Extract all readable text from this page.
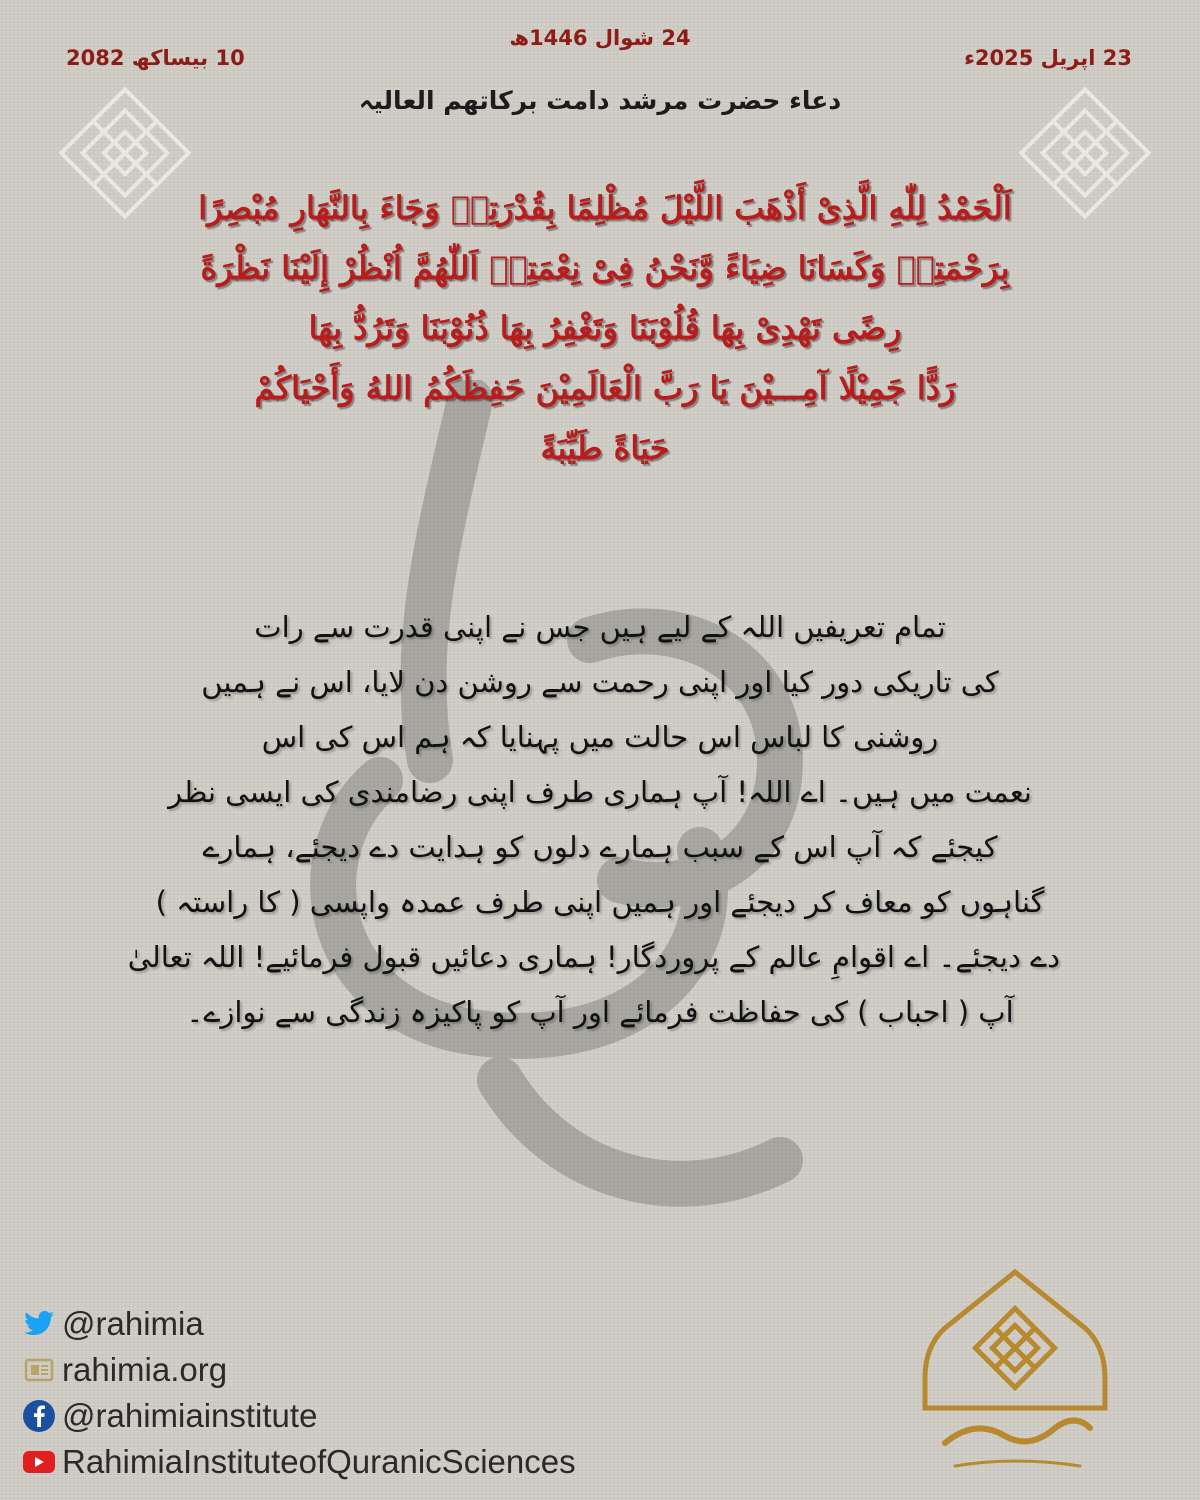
24 شوال 1446ھ
23 اپریل 2025ء
10 بیساکھ 2082
دعاء حضرت مرشد دامت برکاتھم العالیہ
اَلْحَمْدُ لِلّٰهِ الَّذِیْ أَذْهَبَ اللَّیْلَ مُظْلِمًا بِقُدْرَتِهٖ وَجَاءَ بِالنَّهَارِ مُبْصِرًا
بِرَحْمَتِهٖ وَكَسَانَا ضِيَاءً وَّنَحْنُ فِیْ نِعْمَتِهٖ اَللّٰهُمَّ اُنْظُرْ إِلَيْنَا نَظْرَةً
رِضًى تَهْدِیْ بِهَا قُلُوْبَنَا وَتَغْفِرُ بِهَا ذُنُوْبَنَا وَتَرُدُّ بِهَا
رَدًّا جَمِيْلًا آمِـــيْنَ يَا رَبَّ الْعَالَمِيْنَ حَفِظَكُمُ اللهُ وَأَحْيَاكُمْ
حَيَاةً طَيِّبَةً
تمام تعریفیں اللہ کے لیے ہیں جس نے اپنی قدرت سے رات
کی تاریکی دور کیا اور اپنی رحمت سے روشن دن لایا، اس نے ہمیں
روشنی کا لباس اس حالت میں پہنایا کہ ہم اس کی اس
نعمت میں ہیں۔ اے اللہ! آپ ہماری طرف اپنی رضامندی کی ایسی نظر
کیجئے کہ آپ اس کے سبب ہمارے دلوں کو ہدایت دے دیجئے، ہمارے
گناہوں کو معاف کر دیجئے اور ہمیں اپنی طرف عمدہ واپسی ( کا راستہ )
دے دیجئے۔ اے اقوامِ عالم کے پروردگار! ہماری دعائیں قبول فرمائیے! اللہ تعالیٰ
آپ ( احباب ) کی حفاظت فرمائے اور آپ کو پاکیزہ زندگی سے نوازے۔
@rahimia
rahimia.org
@rahimiainstitute
RahimiaInstituteofQuranicSciences
